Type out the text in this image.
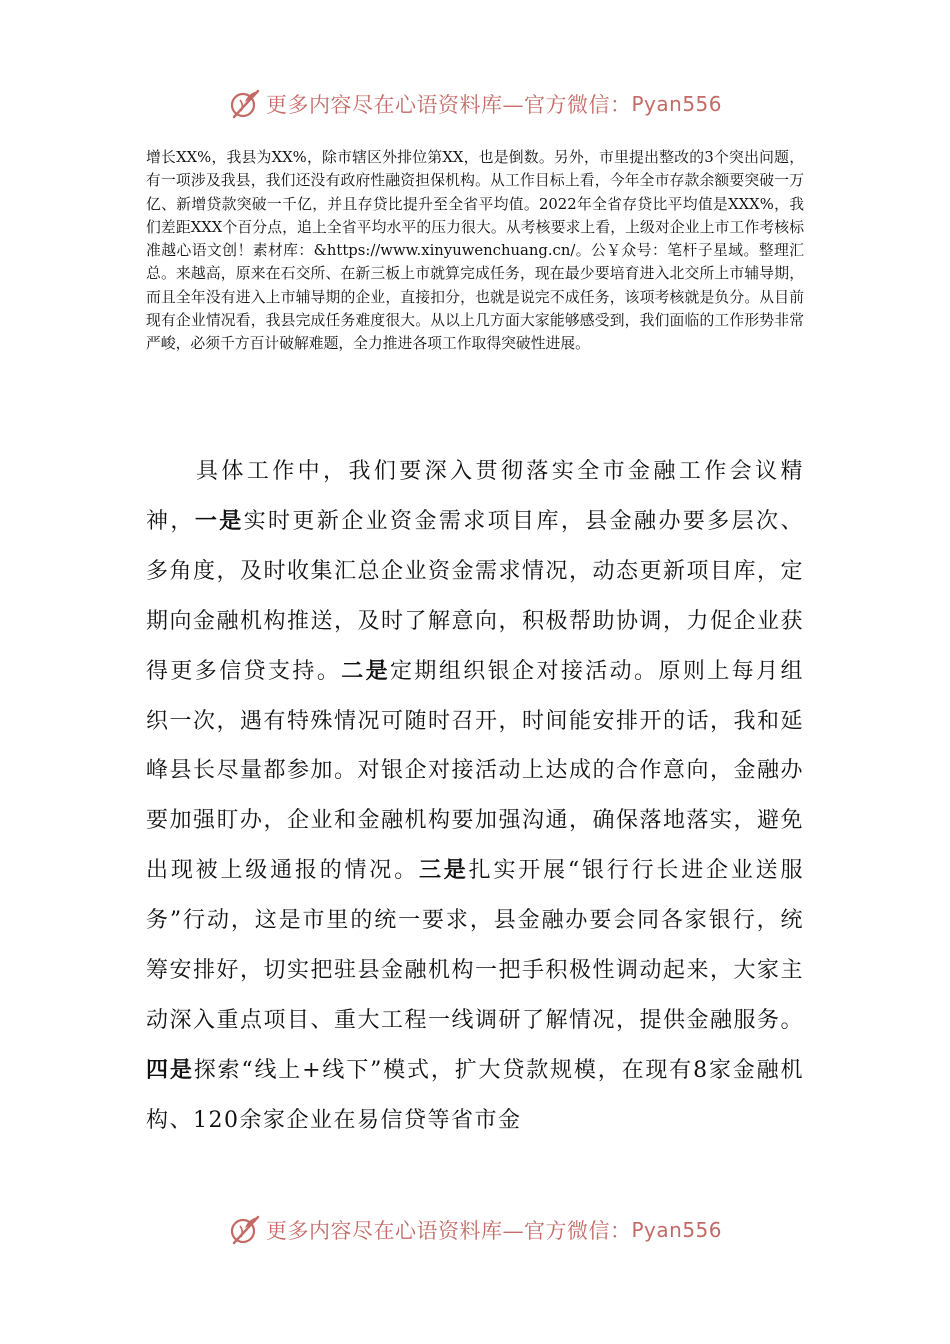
更多内容尽在心语资料库—官方微信： Pyan556

增长XX%，我县为XX%，除市辖区外排位第XX，也是倒数。另外，市里提出整改的3个突出问题，有一项涉及我县，我们还没有政府性融资担保机构。从工作目标上看，今年全市存款余额要突破一万亿、新增贷款突破一千亿，并且存贷比提升至全省平均值。2022年全省存贷比平均值是XXX%，我们差距XXX个百分点，追上全省平均水平的压力很大。从考核要求上看，上级对企业上市工作考核标准越心语文创！素材库：&https://www.xinyuwenchuang.cn/。公￥众号：笔杆子星域。整理汇总。来越高，原来在石交所、在新三板上市就算完成任务，现在最少要培育进入北交所上市辅导期，而且全年没有进入上市辅导期的企业，直接扣分，也就是说完不成任务，该项考核就是负分。从目前现有企业情况看，我县完成任务难度很大。从以上几方面大家能够感受到，我们面临的工作形势非常严峻，必须千方百计破解难题，全力推进各项工作取得突破性进展。

具体工作中，我们要深入贯彻落实全市金融工作会议精神，一是实时更新企业资金需求项目库，县金融办要多层次、多角度，及时收集汇总企业资金需求情况，动态更新项目库，定期向金融机构推送，及时了解意向，积极帮助协调，力促企业获得更多信贷支持。二是定期组织银企对接活动。原则上每月组织一次，遇有特殊情况可随时召开，时间能安排开的话，我和延峰县长尽量都参加。对银企对接活动上达成的合作意向，金融办要加强盯办，企业和金融机构要加强沟通，确保落地落实，避免出现被上级通报的情况。三是扎实开展“银行行长进企业送服务”行动，这是市里的统一要求，县金融办要会同各家银行，统筹安排好，切实把驻县金融机构一把手积极性调动起来，大家主动深入重点项目、重大工程一线调研了解情况，提供金融服务。四是探索“线上+线下”模式，扩大贷款规模，在现有8家金融机构、120余家企业在易信贷等省市金

更多内容尽在心语资料库—官方微信： Pyan556
